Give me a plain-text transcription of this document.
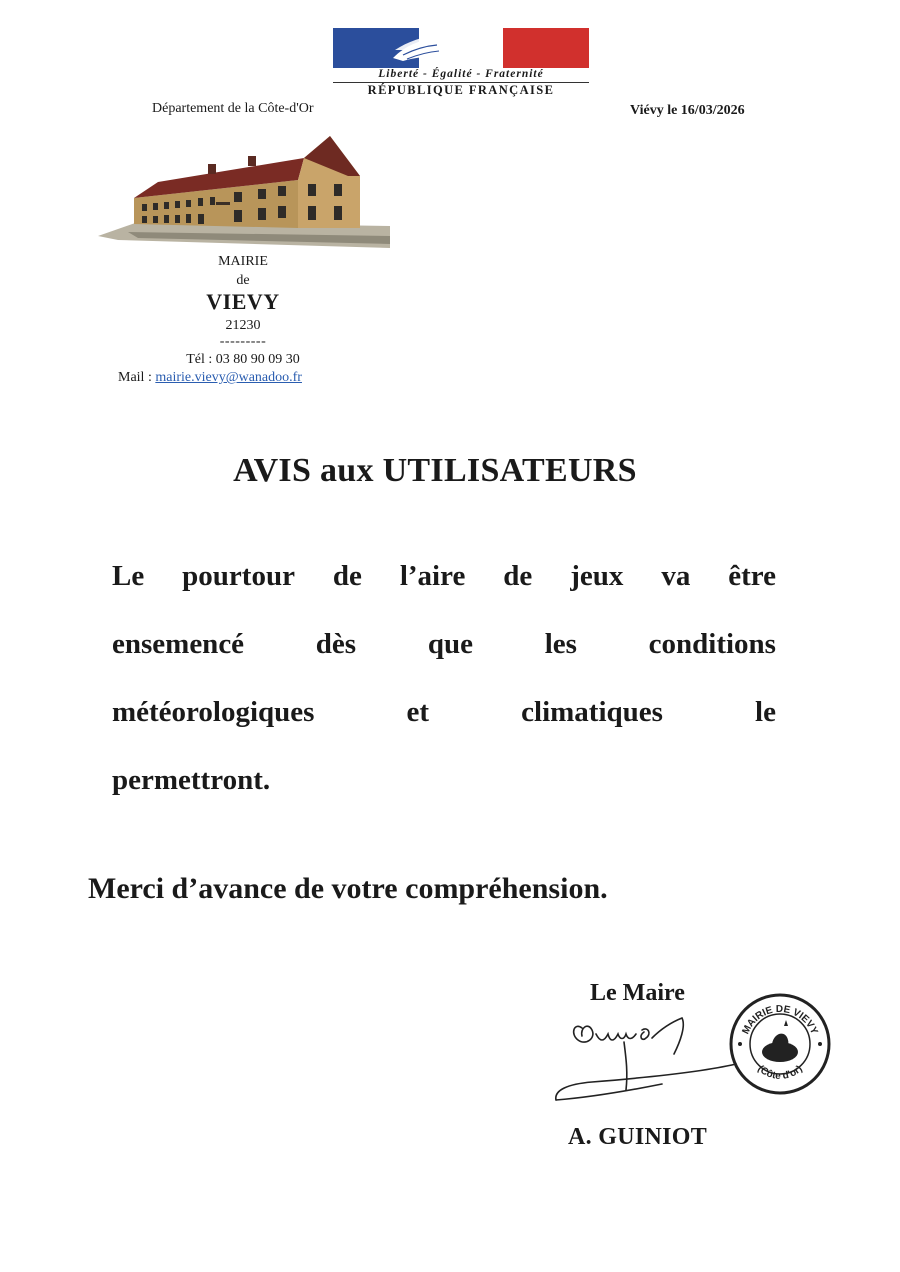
Liberté - Égalité - Fraternité
RÉPUBLIQUE FRANÇAISE
Département de la Côte-d'Or	Viévy le 16/03/2026
MAIRIE
de
VIEVY
21230
---------
Tél : 03 80 90 09 30
Mail : mairie.vievy@wanadoo.fr
AVIS aux UTILISATEURS
Le pourtour de l’aire de jeux va être
ensemencé dès que les conditions
météorologiques	et	climatiques	le
permettront.
Merci d’avance de votre compréhension.
Le Maire
MAIRIE DE VIEVY
(Côte d'or)
A. GUINIOT
